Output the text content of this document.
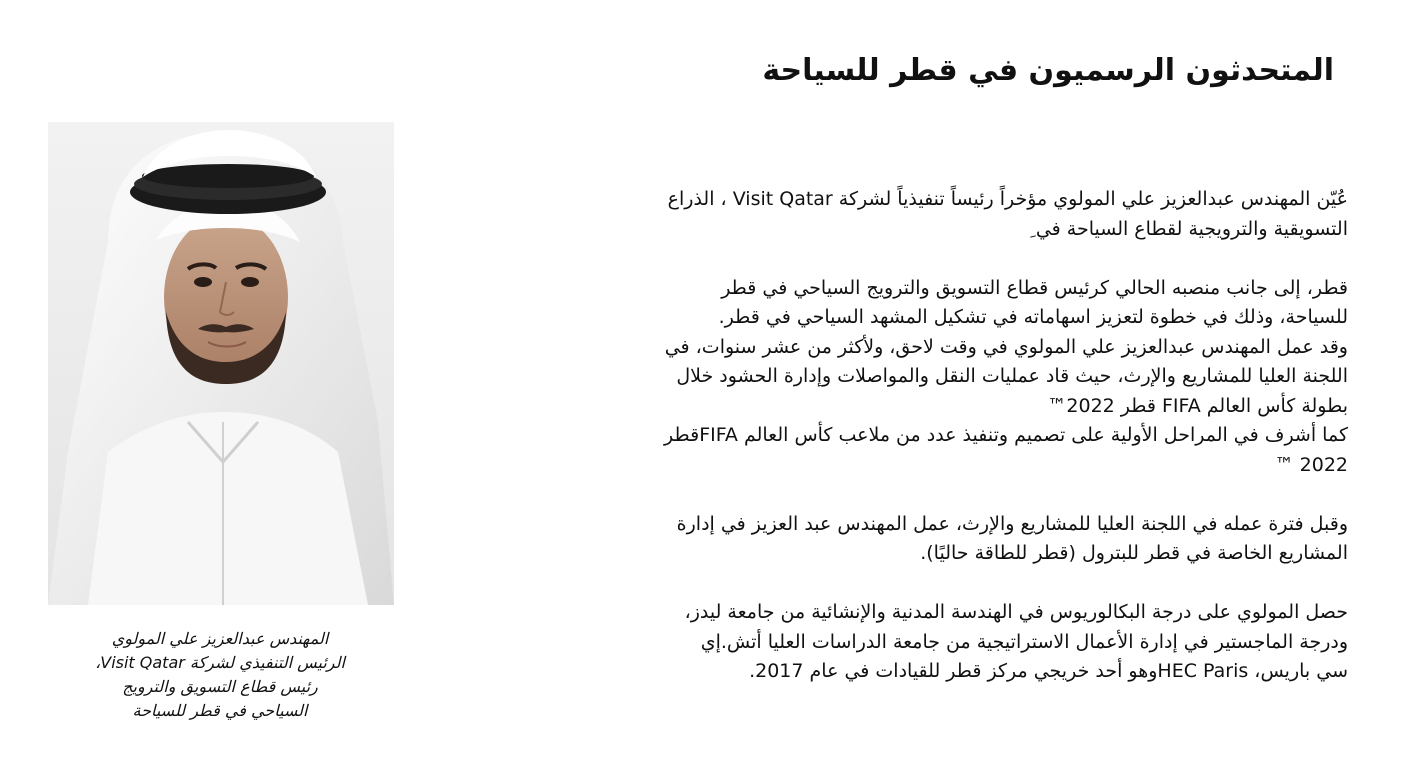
المتحدثون الرسميون في قطر للسياحة
المهندس عبدالعزيز علي المولوي
الرئيس التنفيذي لشركة Visit Qatar،
رئيس قطاع التسويق والترويج
السياحي في قطر للسياحة
عُيّن المهندس عبدالعزيز علي المولوي مؤخراً رئيساً تنفيذياً لشركة Visit Qatar ، الذراع
التسويقية والترويجية لقطاع السياحة في ِ
قطر، إلى جانب منصبه الحالي كرئيس قطاع التسويق والترويج السياحي في قطر
للسياحة، وذلك في خطوة لتعزيز اسهاماته في تشكيل المشهد السياحي في قطر.
وقد عمل المهندس عبدالعزيز علي المولوي في وقت لاحق، ولأكثر من عشر سنوات، في
اللجنة العليا للمشاريع والإرث، حيث قاد عمليات النقل والمواصلات وإدارة الحشود خلال
بطولة كأس العالم FIFA قطر 2022™
كما أشرف في المراحل الأولية على تصميم وتنفيذ عدد من ملاعب كأس العالم FIFAقطر
2022 ™
وقبل فترة عمله في اللجنة العليا للمشاريع والإرث، عمل المهندس عبد العزيز في إدارة
المشاريع الخاصة في قطر للبترول (قطر للطاقة حاليًا).
حصل المولوي على درجة البكالوريوس في الهندسة المدنية والإنشائية من جامعة ليدز،
ودرجة الماجستير في إدارة الأعمال الاستراتيجية من جامعة الدراسات العليا أتش.إي
سي باريس، HEC Parisوهو أحد خريجي مركز قطر للقيادات في عام 2017.
